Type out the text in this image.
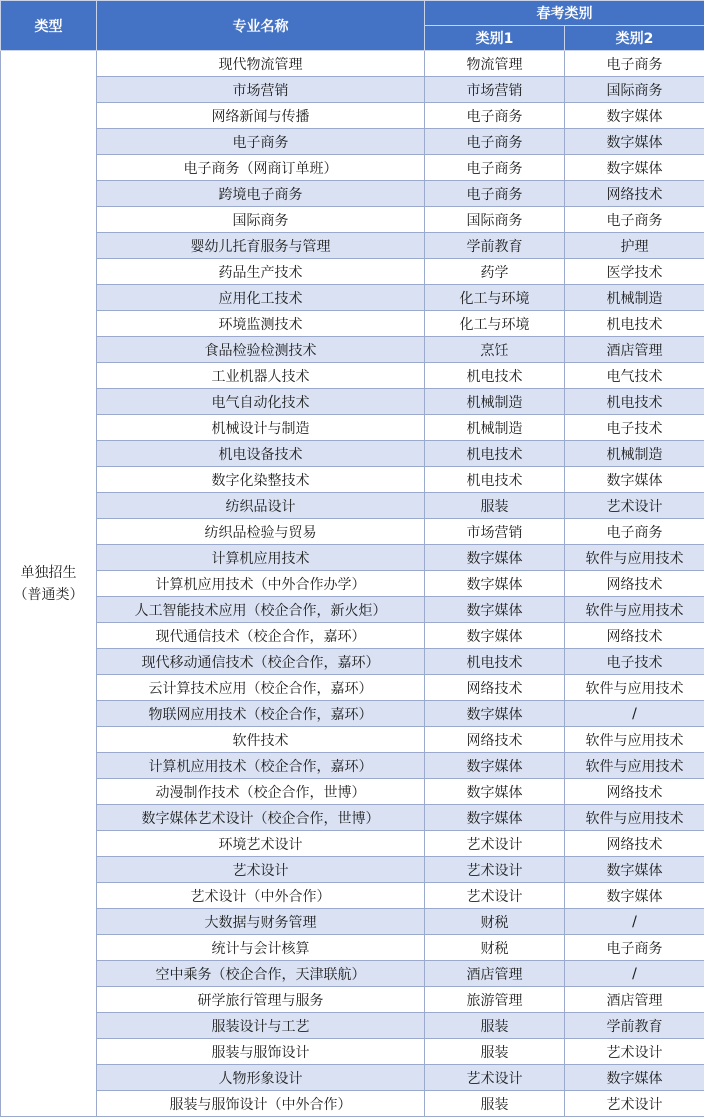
类型	专业名称	春考类别	
		类别1	类别2

单独招生
（普通类）	现代物流管理	物流管理	电子商务
	市场营销	市场营销	国际商务
	网络新闻与传播	电子商务	数字媒体
	电子商务	电子商务	数字媒体
	电子商务（网商订单班）	电子商务	数字媒体
	跨境电子商务	电子商务	网络技术
	国际商务	国际商务	电子商务
	婴幼儿托育服务与管理	学前教育	护理
	药品生产技术	药学	医学技术
	应用化工技术	化工与环境	机械制造
	环境监测技术	化工与环境	机电技术
	食品检验检测技术	烹饪	酒店管理
	工业机器人技术	机电技术	电气技术
	电气自动化技术	机械制造	机电技术
	机械设计与制造	机械制造	电子技术
	机电设备技术	机电技术	机械制造
	数字化染整技术	机电技术	数字媒体
	纺织品设计	服装	艺术设计
	纺织品检验与贸易	市场营销	电子商务
	计算机应用技术	数字媒体	软件与应用技术
	计算机应用技术（中外合作办学）	数字媒体	网络技术
	人工智能技术应用（校企合作，新火炬）	数字媒体	软件与应用技术
	现代通信技术（校企合作，嘉环）	数字媒体	网络技术
	现代移动通信技术（校企合作，嘉环）	机电技术	电子技术
	云计算技术应用（校企合作，嘉环）	网络技术	软件与应用技术
	物联网应用技术（校企合作，嘉环）	数字媒体	/
	软件技术	网络技术	软件与应用技术
	计算机应用技术（校企合作，嘉环）	数字媒体	软件与应用技术
	动漫制作技术（校企合作，世博）	数字媒体	网络技术
	数字媒体艺术设计（校企合作，世博）	数字媒体	软件与应用技术
	环境艺术设计	艺术设计	网络技术
	艺术设计	艺术设计	数字媒体
	艺术设计（中外合作）	艺术设计	数字媒体
	大数据与财务管理	财税	/
	统计与会计核算	财税	电子商务
	空中乘务（校企合作，天津联航）	酒店管理	/
	研学旅行管理与服务	旅游管理	酒店管理
	服装设计与工艺	服装	学前教育
	服装与服饰设计	服装	艺术设计
	人物形象设计	艺术设计	数字媒体
	服装与服饰设计（中外合作）	服装	艺术设计
